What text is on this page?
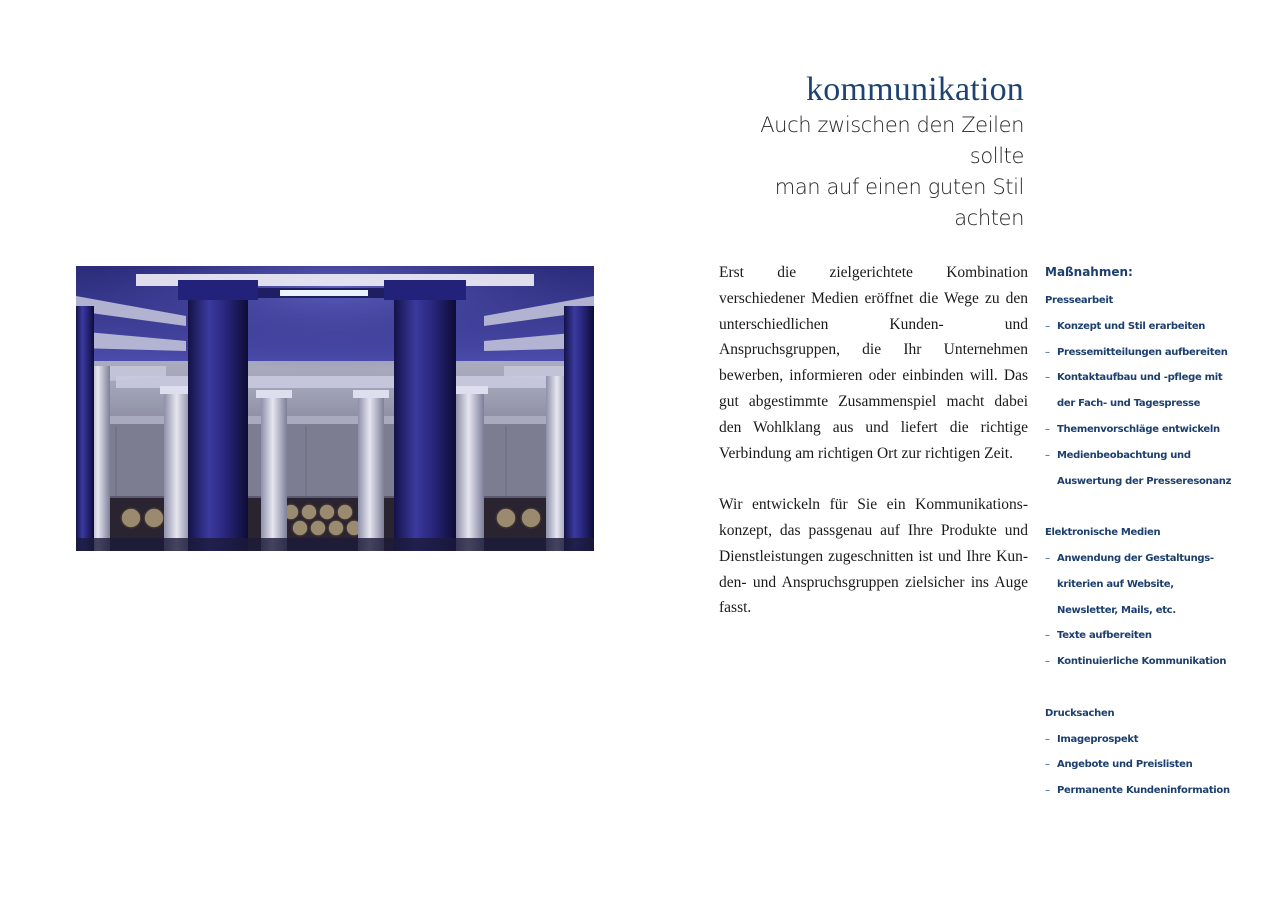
kommunikation
Auch zwischen den Zeilen sollte
man auf einen guten Stil achten

Erst die zielgerichtete Kombination verschiedener Medien eröffnet die Wege zu den unterschiedlichen Kunden- und Anspruchsgruppen, die Ihr Unternehmen bewerben, informieren oder einbinden will. Das gut abgestimmte Zusammenspiel macht dabei den Wohlklang aus und liefert die richtige Verbindung am richtigen Ort zur richtigen Zeit.

Wir entwickeln für Sie ein Kommunikationskonzept, das passgenau auf Ihre Produkte und Dienstleistungen zugeschnitten ist und Ihre Kunden- und Anspruchsgruppen zielsicher ins Auge fasst.

Maßnahmen:
Pressearbeit
– Konzept und Stil erarbeiten
– Pressemitteilungen aufbereiten
– Kontaktaufbau und -pflege mit der Fach- und Tagespresse
– Themenvorschläge entwickeln
– Medienbeobachtung und Auswertung der Presseresonanz
Elektronische Medien
– Anwendung der Gestaltungskriterien auf Website, Newsletter, Mails, etc.
– Texte aufbereiten
– Kontinuierliche Kommunikation
Drucksachen
– Imageprospekt
– Angebote und Preislisten
– Permanente Kundeninformation
